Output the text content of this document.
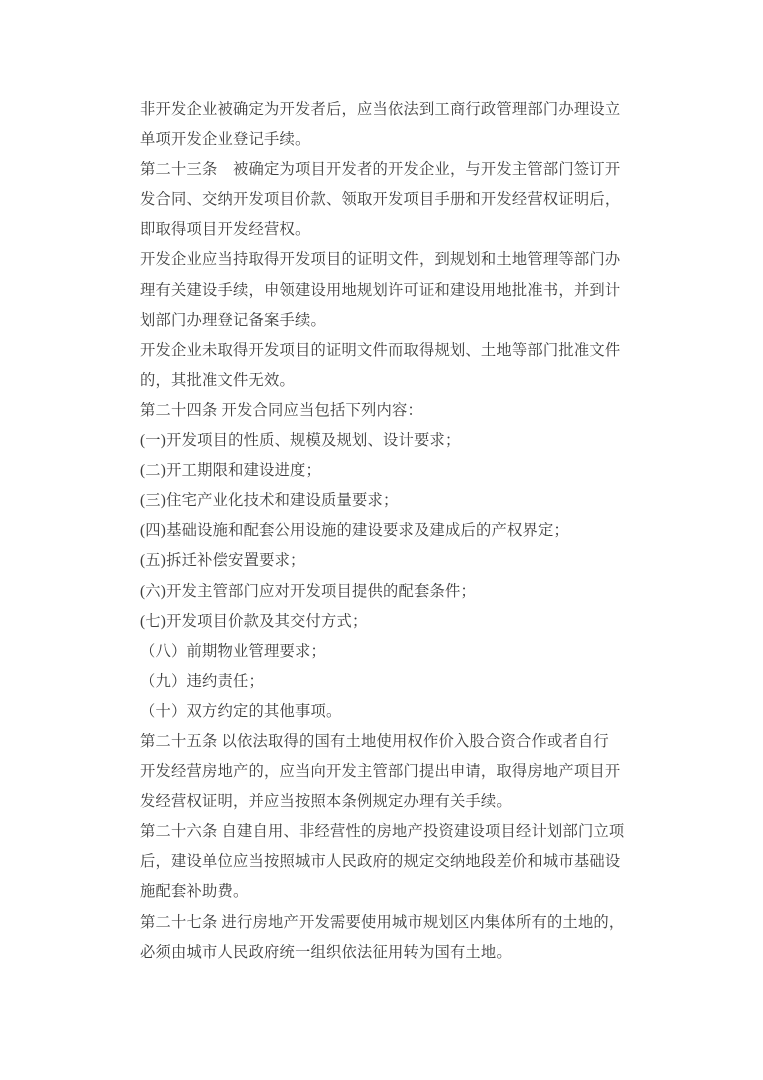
非开发企业被确定为开发者后，应当依法到工商行政管理部门办理设立
单项开发企业登记手续。
第二十三条　被确定为项目开发者的开发企业，与开发主管部门签订开
发合同、交纳开发项目价款、领取开发项目手册和开发经营权证明后，
即取得项目开发经营权。
开发企业应当持取得开发项目的证明文件，到规划和土地管理等部门办
理有关建设手续，申领建设用地规划许可证和建设用地批准书，并到计
划部门办理登记备案手续。
开发企业未取得开发项目的证明文件而取得规划、土地等部门批准文件
的，其批准文件无效。
第二十四条 开发合同应当包括下列内容：
(一)开发项目的性质、规模及规划、设计要求；
(二)开工期限和建设进度；
(三)住宅产业化技术和建设质量要求；
(四)基础设施和配套公用设施的建设要求及建成后的产权界定；
(五)拆迁补偿安置要求；
(六)开发主管部门应对开发项目提供的配套条件；
(七)开发项目价款及其交付方式；
（八）前期物业管理要求；
（九）违约责任；
（十）双方约定的其他事项。
第二十五条 以依法取得的国有土地使用权作价入股合资合作或者自行
开发经营房地产的，应当向开发主管部门提出申请，取得房地产项目开
发经营权证明，并应当按照本条例规定办理有关手续。
第二十六条 自建自用、非经营性的房地产投资建设项目经计划部门立项
后，建设单位应当按照城市人民政府的规定交纳地段差价和城市基础设
施配套补助费。
第二十七条 进行房地产开发需要使用城市规划区内集体所有的土地的，
必须由城市人民政府统一组织依法征用转为国有土地。
